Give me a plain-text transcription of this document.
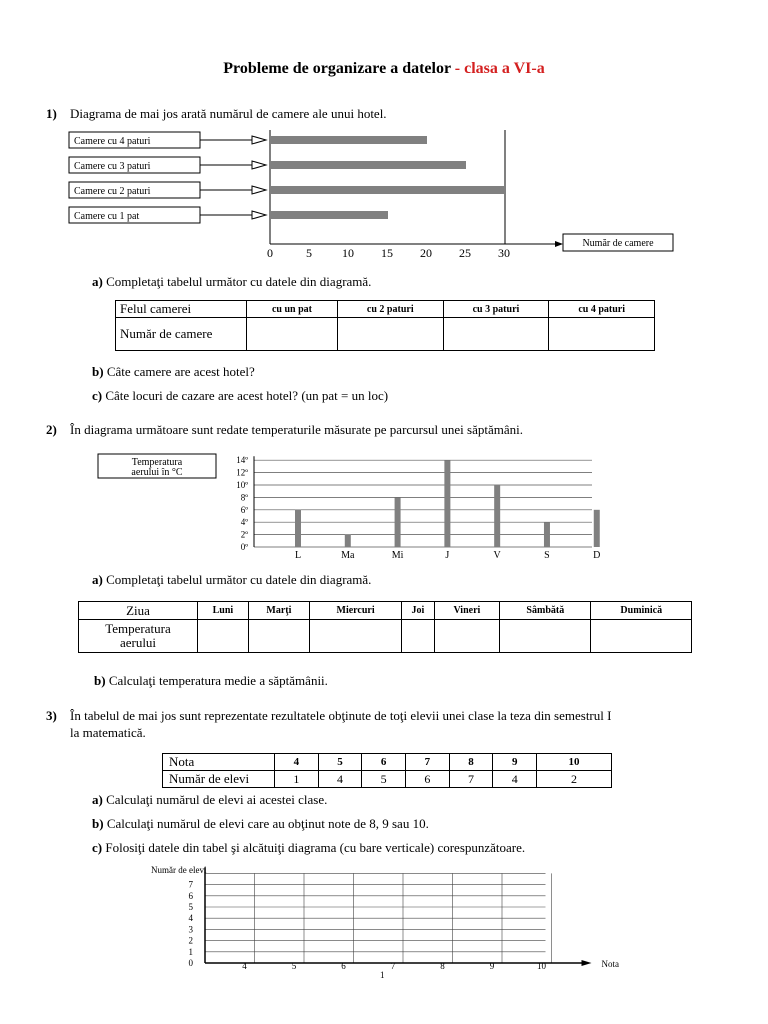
Probleme de organizare a datelor - clasa a VI-a
1) Diagrama de mai jos arată numărul de camere ale unui hotel.
Camere cu 4 paturi
Camere cu 3 paturi
Camere cu 2 paturi
Camere cu 1 pat
0	5	10 15 20 25 30
Număr de camere
a) Completaţi tabelul următor cu datele din diagramă.
Felul camerei	cu un pat	cu 2 paturi	cu 3 paturi	cu 4 paturi
Număr de camere				
b) Câte camere are acest hotel?
c) Câte locuri de cazare are acest hotel? (un pat = un loc)
2) În diagrama următoare sunt redate temperaturile măsurate pe parcursul unei săptămâni.
Temperatura
aerului în °C
14º
12º
10º
8º
6º
4º
2º
0º
L	Ma	Mi	J	V	S	D
a) Completaţi tabelul următor cu datele din diagramă.
Ziua	Luni	Marţi	Miercuri	Joi	Vineri	Sâmbătă	Duminică
Temperatura
aerului							
b) Calculaţi temperatura medie a săptămânii.
3) În tabelul de mai jos sunt reprezentate rezultatele obţinute de toţi elevii unei clase la teza din semestrul I
la matematică.
Nota	4	5	6	7	8	9	10
Număr de elevi	1	4	5	6	7	4	2
a) Calculaţi numărul de elevi ai acestei clase.
b) Calculaţi numărul de elevi care au obţinut note de 8, 9 sau 10.
c) Folosiţi datele din tabel şi alcătuiţi diagrama (cu bare verticale) corespunzătoare.
Număr de elevi
7
6
5
4
3
2
1
0	4	5	6	7	8	9	10	Nota
1
